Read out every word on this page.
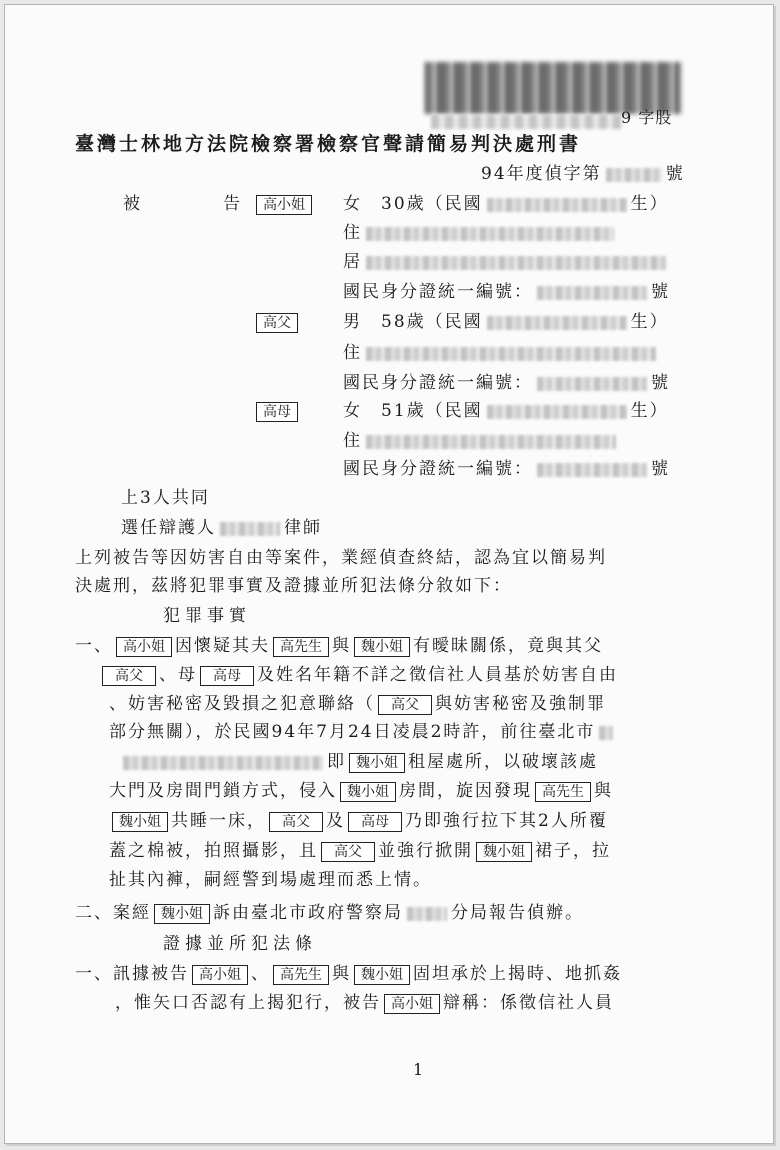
9 字股
臺灣士林地方法院檢察署檢察官聲請簡易判決處刑書
94年度偵字第	號
被　　　告	高小姐	女　30歲（民國	生）
住
居
國民身分證統一編號：	號
高父	男　58歲（民國	生）
住
國民身分證統一編號：	號
高母	女　51歲（民國	生）
住
國民身分證統一編號：	號
上3人共同
選任辯護人	律師
上列被告等因妨害自由等案件，業經偵查終結，認為宜以簡易判
決處刑，茲將犯罪事實及證據並所犯法條分敘如下：
犯罪事實
一、 高小姐 因懷疑其夫 高先生 與 魏小姐 有曖昧關係，竟與其父
高父 、母 高母 及姓名年籍不詳之徵信社人員基於妨害自由
、妨害秘密及毀損之犯意聯絡（ 高父 與妨害秘密及強制罪
部分無關），於民國94年7月24日凌晨2時許，前往臺北市
即 魏小姐 租屋處所，以破壞該處
大門及房間門鎖方式，侵入 魏小姐 房間，旋因發現 高先生 與
魏小姐 共睡一床， 高父 及 高母 乃即強行拉下其2人所覆
蓋之棉被，拍照攝影，且 高父 並強行掀開 魏小姐 裙子，拉
扯其內褲，嗣經警到場處理而悉上情。
二、案經 魏小姐 訴由臺北市政府警察局	分局報告偵辦。
證據並所犯法條
一、訊據被告 高小姐 、 高先生 與 魏小姐 固坦承於上揭時、地抓姦
，惟矢口否認有上揭犯行，被告 高小姐 辯稱：係徵信社人員
1
